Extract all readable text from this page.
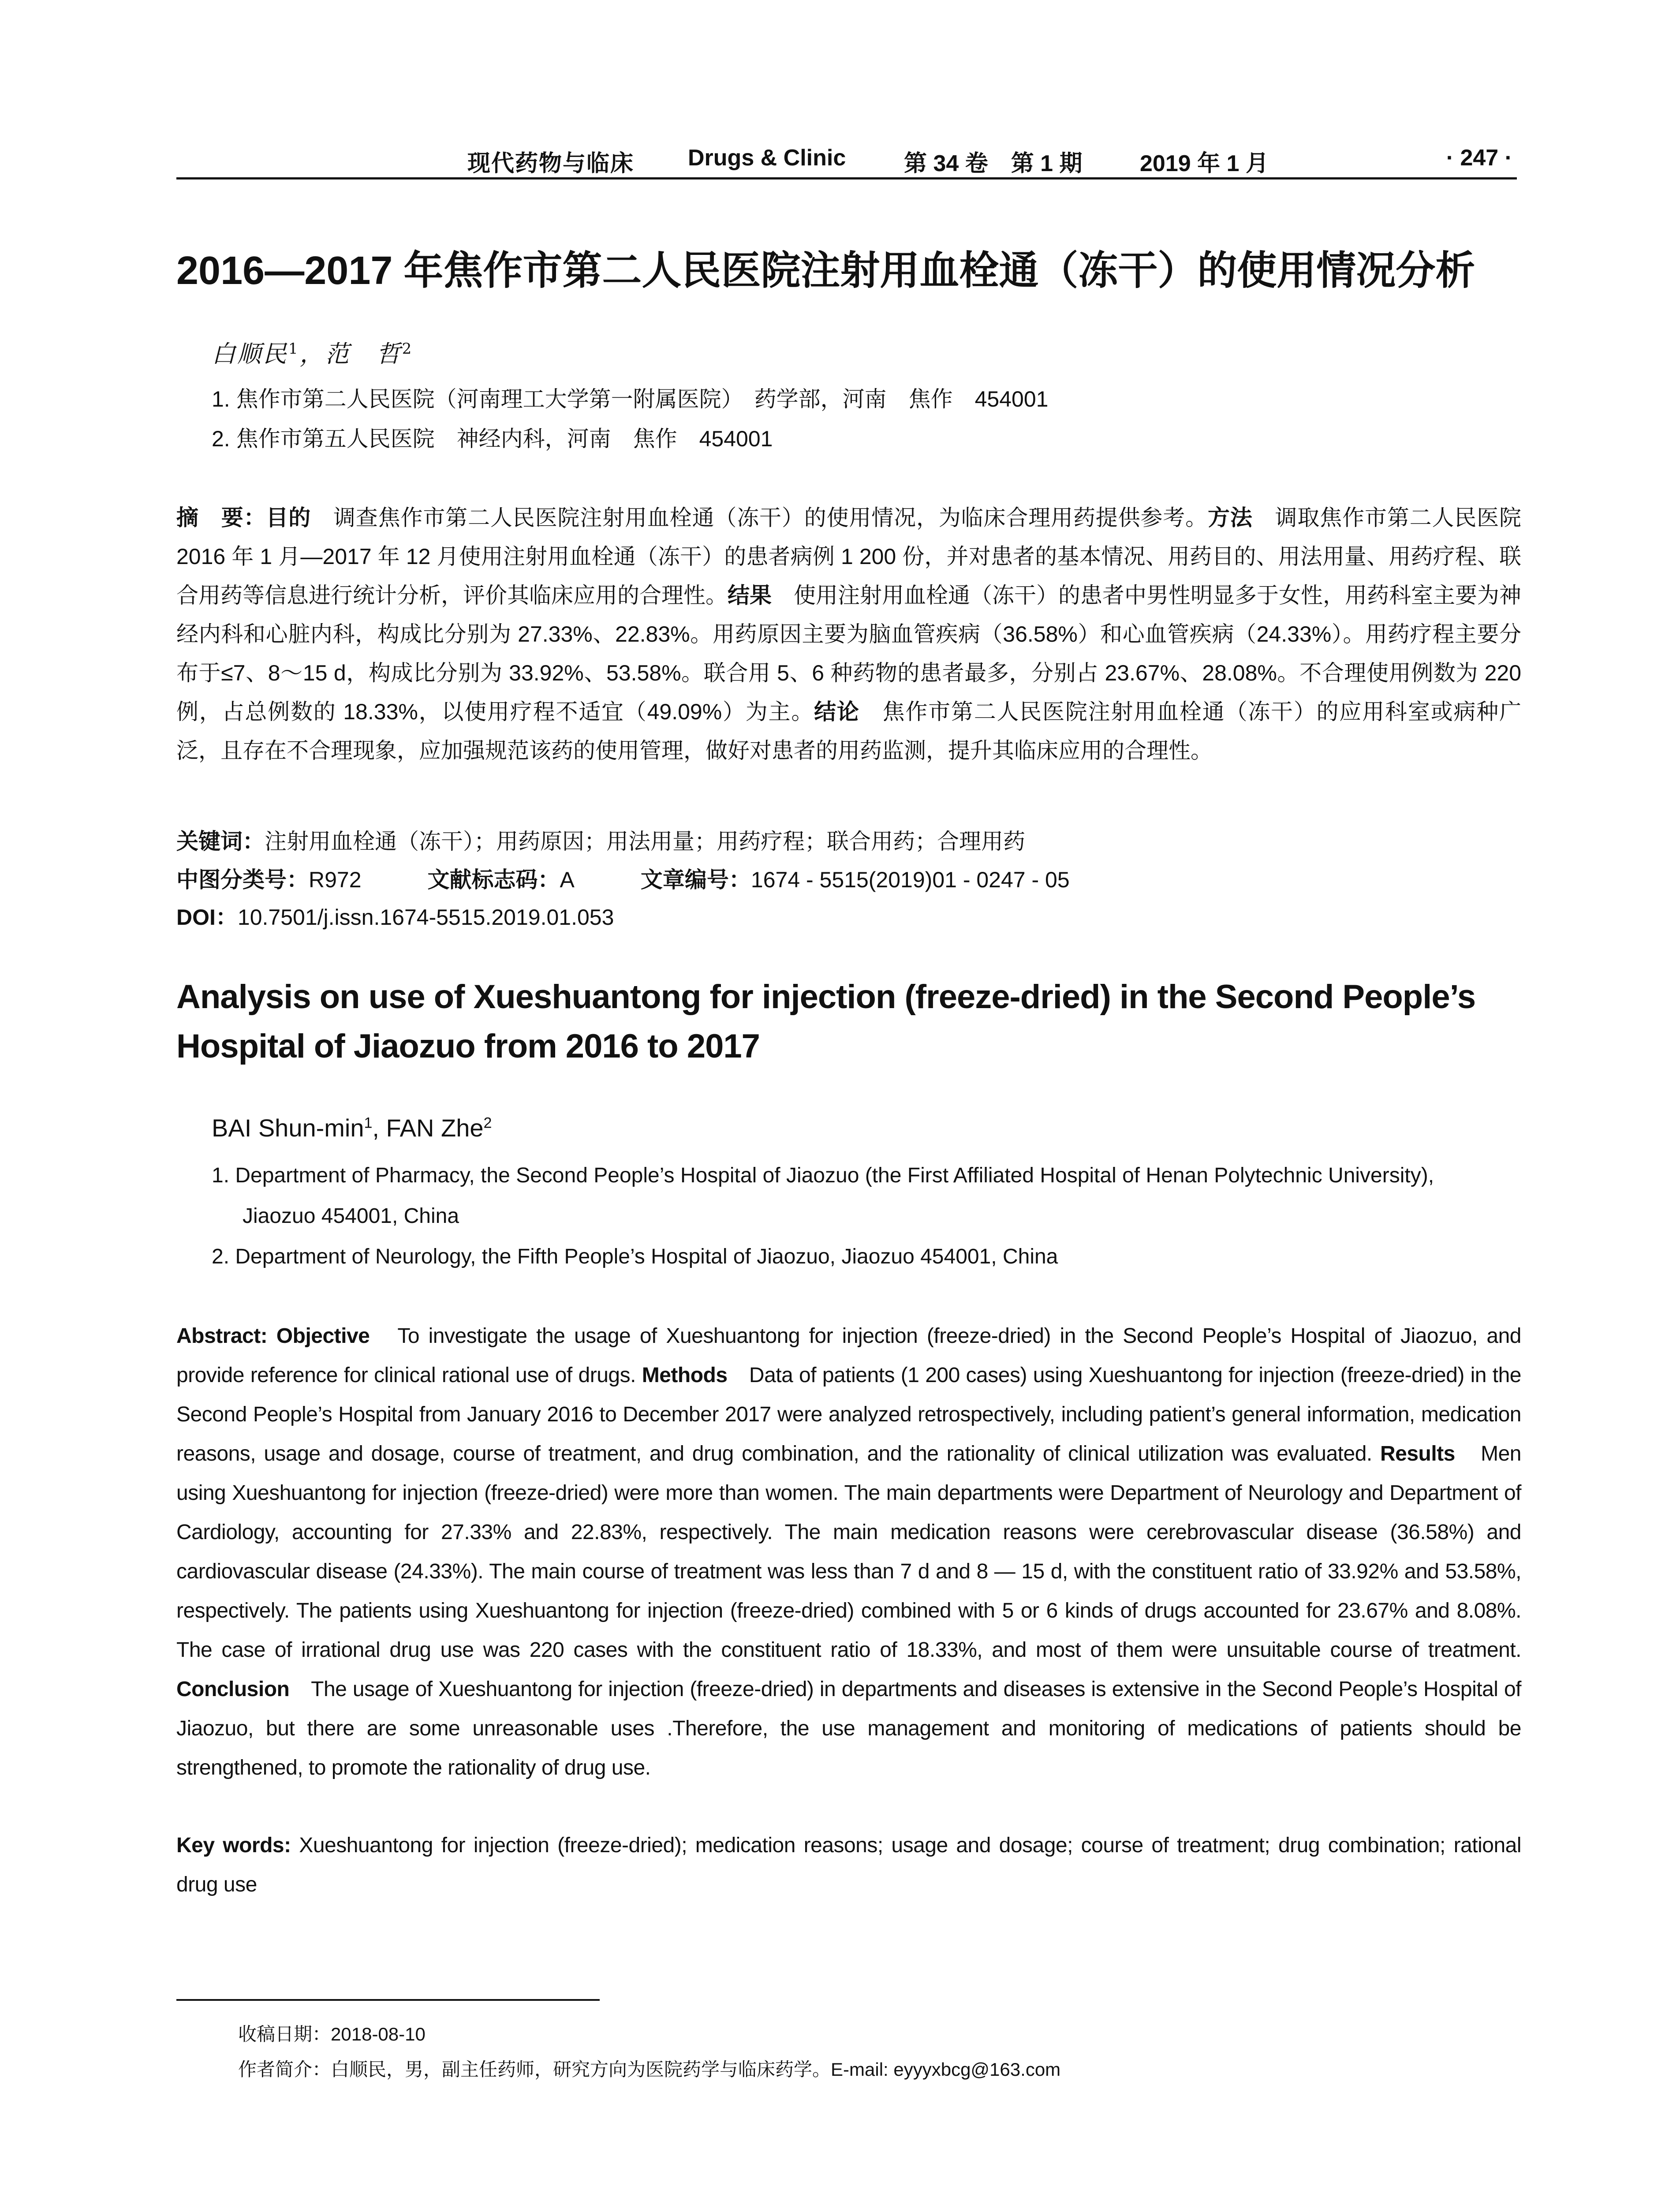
现代药物与临床 Drugs & Clinic	第 34 卷　第 1 期	2019 年 1 月	· 247 ·
2016—2017 年焦作市第二人民医院注射用血栓通（冻干）的使用情况分析
白顺民$^1$，范　哲$^2$
1. 焦作市第二人民医院（河南理工大学第一附属医院）　药学部，河南　焦作　454001
2. 焦作市第五人民医院　神经内科，河南　焦作　454001
摘　要：目的　调查焦作市第二人民医院注射用血栓通（冻干）的使用情况，为临床合理用药提供参考。方法　调取焦作市第二人民医院 2016 年 1 月—2017 年 12 月使用注射用血栓通（冻干）的患者病例 1 200 份，并对患者的基本情况、用药目的、用法用量、用药疗程、联合用药等信息进行统计分析，评价其临床应用的合理性。结果　使用注射用血栓通（冻干）的患者中男性明显多于女性，用药科室主要为神经内科和心脏内科，构成比分别为 27.33%、22.83%。用药原因主要为脑血管疾病（36.58%）和心血管疾病（24.33%）。用药疗程主要分布于≤7、8～15 d，构成比分别为 33.92%、53.58%。联合用 5、6 种药物的患者最多，分别占 23.67%、28.08%。不合理使用例数为 220 例，占总例数的 18.33%，以使用疗程不适宜（49.09%）为主。结论　焦作市第二人民医院注射用血栓通（冻干）的应用科室或病种广泛，且存在不合理现象，应加强规范该药的使用管理，做好对患者的用药监测，提升其临床应用的合理性。
关键词：注射用血栓通（冻干）；用药原因；用法用量；用药疗程；联合用药；合理用药
中图分类号：R972	文献标志码：A	文章编号：1674 - 5515(2019)01 - 0247 - 05
DOI：10.7501/j.issn.1674-5515.2019.01.053
Analysis on use of Xueshuantong for injection (freeze-dried) in the Second People’s Hospital of Jiaozuo from 2016 to 2017
BAI Shun-$\min^1$, FAN Zhe$^2$
1. Department of Pharmacy, the Second People’s Hospital of Jiaozuo (the First Affiliated Hospital of Henan Polytechnic University),
Jiaozuo 454001, China
2. Department of Neurology, the Fifth People’s Hospital of Jiaozuo, Jiaozuo 454001, China
Abstract: Objective　To investigate the usage of Xueshuantong for injection (freeze-dried) in the Second People’s Hospital of Jiaozuo, and provide reference for clinical rational use of drugs. Methods　Data of patients (1 200 cases) using Xueshuantong for injection (freeze-dried) in the Second People’s Hospital from January 2016 to December 2017 were analyzed retrospectively, including patient’s general information, medication reasons, usage and dosage, course of treatment, and drug combination, and the rationality of clinical utilization was evaluated. Results　Men using Xueshuantong for injection (freeze-dried) were more than women. The main departments were Department of Neurology and Department of Cardiology, accounting for 27.33% and 22.83%, respectively. The main medication reasons were cerebrovascular disease (36.58%) and cardiovascular disease (24.33%). The main course of treatment was less than 7 d and 8 — 15 d, with the constituent ratio of 33.92% and 53.58%, respectively. The patients using Xueshuantong for injection (freeze-dried) combined with 5 or 6 kinds of drugs accounted for 23.67% and 8.08%. The case of irrational drug use was 220 cases with the constituent ratio of 18.33%, and most of them were unsuitable course of treatment. Conclusion　The usage of Xueshuantong for injection (freeze-dried) in departments and diseases is extensive in the Second People’s Hospital of Jiaozuo, but there are some unreasonable uses .Therefore, the use management and monitoring of medications of patients should be strengthened, to promote the rationality of drug use.
Key words: Xueshuantong for injection (freeze-dried); medication reasons; usage and dosage; course of treatment; drug combination; rational drug use
收稿日期：2018-08-10
作者简介：白顺民，男，副主任药师，研究方向为医院药学与临床药学。E-mail: eyyyxbcg@163.com
